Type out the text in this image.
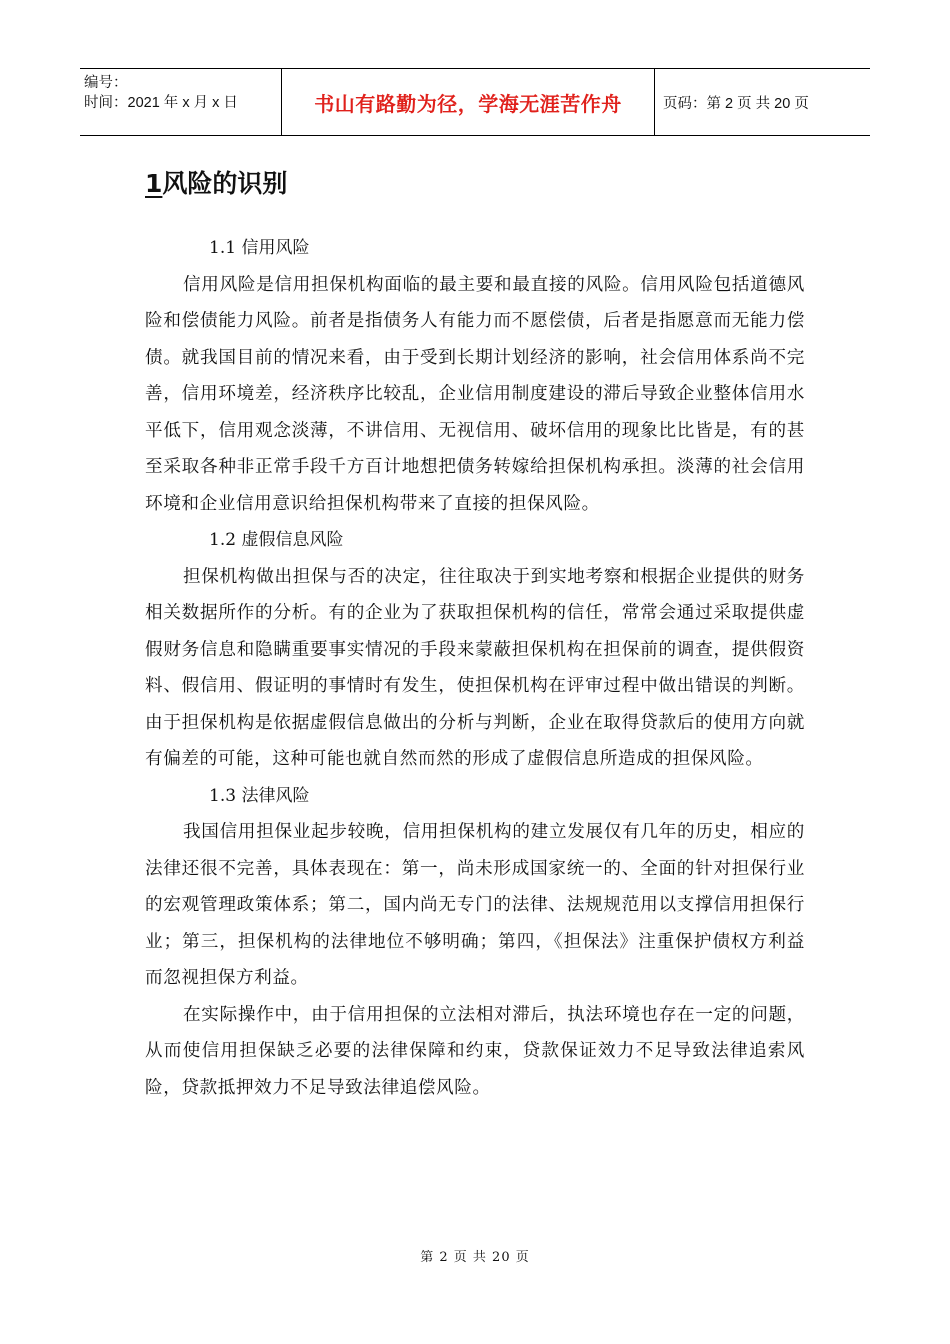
编号：
时间：2021 年 x 月 x 日	书山有路勤为径，学海无涯苦作舟	页码：第 2 页 共 20 页
1风险的识别

1.1 信用风险

信用风险是信用担保机构面临的最主要和最直接的风险。信用风险包括道德风险和偿债能力风险。前者是指债务人有能力而不愿偿债，后者是指愿意而无能力偿债。就我国目前的情况来看，由于受到长期计划经济的影响，社会信用体系尚不完善，信用环境差，经济秩序比较乱，企业信用制度建设的滞后导致企业整体信用水平低下，信用观念淡薄，不讲信用、无视信用、破坏信用的现象比比皆是，有的甚至采取各种非正常手段千方百计地想把债务转嫁给担保机构承担。淡薄的社会信用环境和企业信用意识给担保机构带来了直接的担保风险。

1.2 虚假信息风险

担保机构做出担保与否的决定，往往取决于到实地考察和根据企业提供的财务相关数据所作的分析。有的企业为了获取担保机构的信任，常常会通过采取提供虚假财务信息和隐瞒重要事实情况的手段来蒙蔽担保机构在担保前的调查，提供假资料、假信用、假证明的事情时有发生，使担保机构在评审过程中做出错误的判断。由于担保机构是依据虚假信息做出的分析与判断，企业在取得贷款后的使用方向就有偏差的可能，这种可能也就自然而然的形成了虚假信息所造成的担保风险。

1.3 法律风险

我国信用担保业起步较晚，信用担保机构的建立发展仅有几年的历史，相应的法律还很不完善，具体表现在：第一，尚未形成国家统一的、全面的针对担保行业的宏观管理政策体系；第二，国内尚无专门的法律、法规规范用以支撑信用担保行业；第三，担保机构的法律地位不够明确；第四，《担保法》注重保护债权方利益而忽视担保方利益。

在实际操作中，由于信用担保的立法相对滞后，执法环境也存在一定的问题，从而使信用担保缺乏必要的法律保障和约束，贷款保证效力不足导致法律追索风险，贷款抵押效力不足导致法律追偿风险。

第 2 页 共 20 页
